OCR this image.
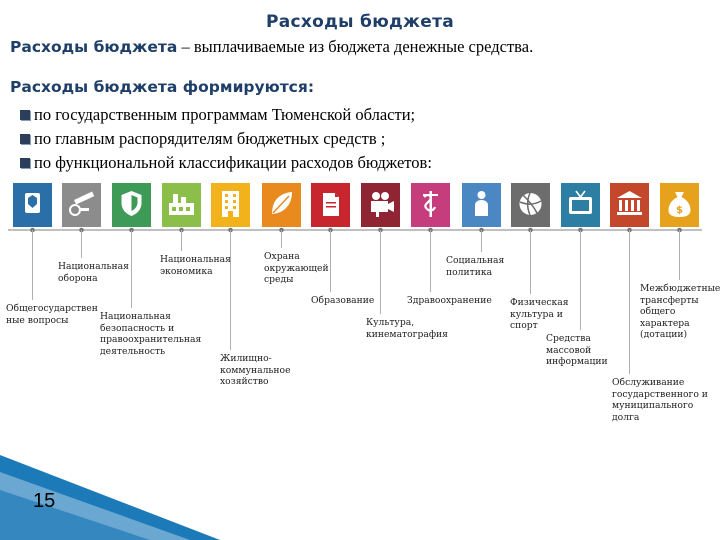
Расходы бюджета
Расходы бюджета – выплачиваемые из бюджета денежные средства.
Расходы бюджета формируются:
по государственным программам Тюменской области;
по главным распорядителям бюджетных средств ;
по функциональной классификации расходов бюджетов:
Общегосударствен
ные вопросы
Национальная
оборона
Национальная
безопасность и
правоохранительная
деятельность
Национальная
экономика
Жилищно-
коммунальное
хозяйство
Охрана
окружающей
среды
Образование
Культура,
кинематография
Здравоохранение
Социальная
политика
Физическая
культура и
спорт
Средства
массовой
информации
Обслуживание
государственного и
муниципального
долга
$
Межбюджетные
трансферты
общего
характера
(дотации)
15
